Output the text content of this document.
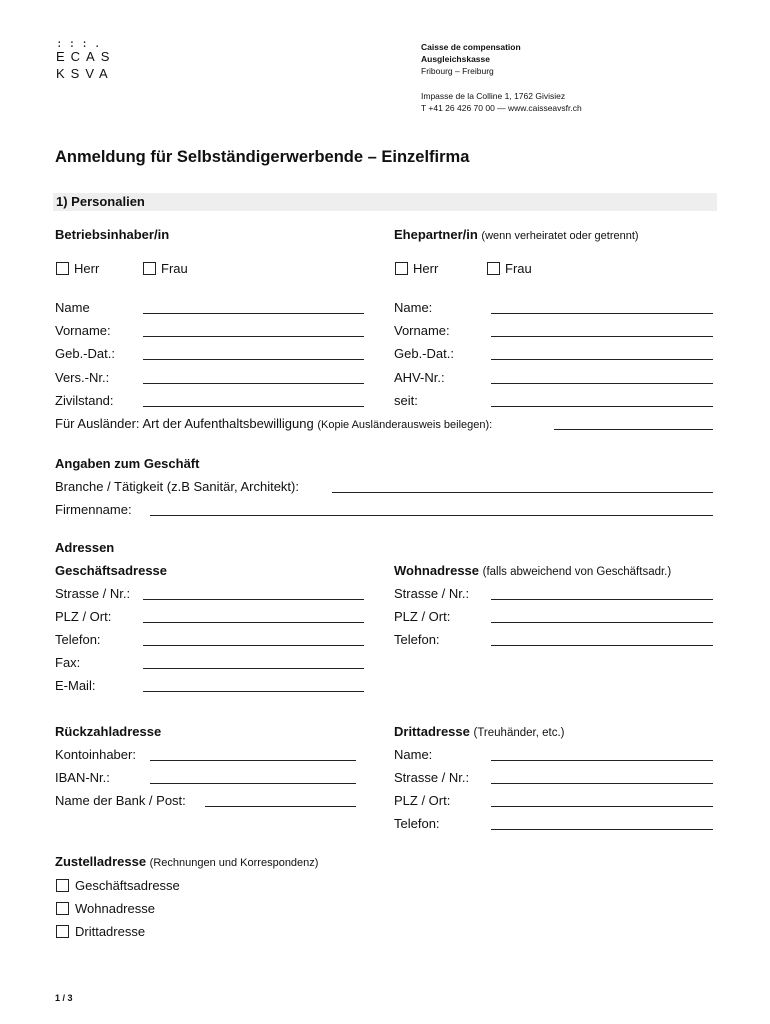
:::.
ECAS
KSVA
Caisse de compensation
Ausgleichskasse
Fribourg – Freiburg
Impasse de la Colline 1, 1762 Givisiez
T +41 26 426 70 00 — www.caisseavsfr.ch
Anmeldung für Selbständigerwerbende – Einzelfirma
1) Personalien
Betriebsinhaber/in
Herr	Frau
Name
Vorname:
Geb.-Dat.:
Vers.-Nr.:
Zivilstand:
Ehepartner/in (wenn verheiratet oder getrennt)
Herr	Frau
Name:
Vorname:
Geb.-Dat.:
AHV-Nr.:
seit:
Für Ausländer: Art der Aufenthaltsbewilligung (Kopie Ausländerausweis beilegen):
Angaben zum Geschäft
Branche / Tätigkeit (z.B Sanitär, Architekt):
Firmenname:
Adressen
Geschäftsadresse
Strasse / Nr.:
PLZ / Ort:
Telefon:
Fax:
E-Mail:
Wohnadresse (falls abweichend von Geschäftsadr.)
Strasse / Nr.:
PLZ / Ort:
Telefon:
Rückzahladresse
Kontoinhaber:
IBAN-Nr.:
Name der Bank / Post:
Drittadresse (Treuhänder, etc.)
Name:
Strasse / Nr.:
PLZ / Ort:
Telefon:
Zustelladresse (Rechnungen und Korrespondenz)
Geschäftsadresse
Wohnadresse
Drittadresse
1 / 3
